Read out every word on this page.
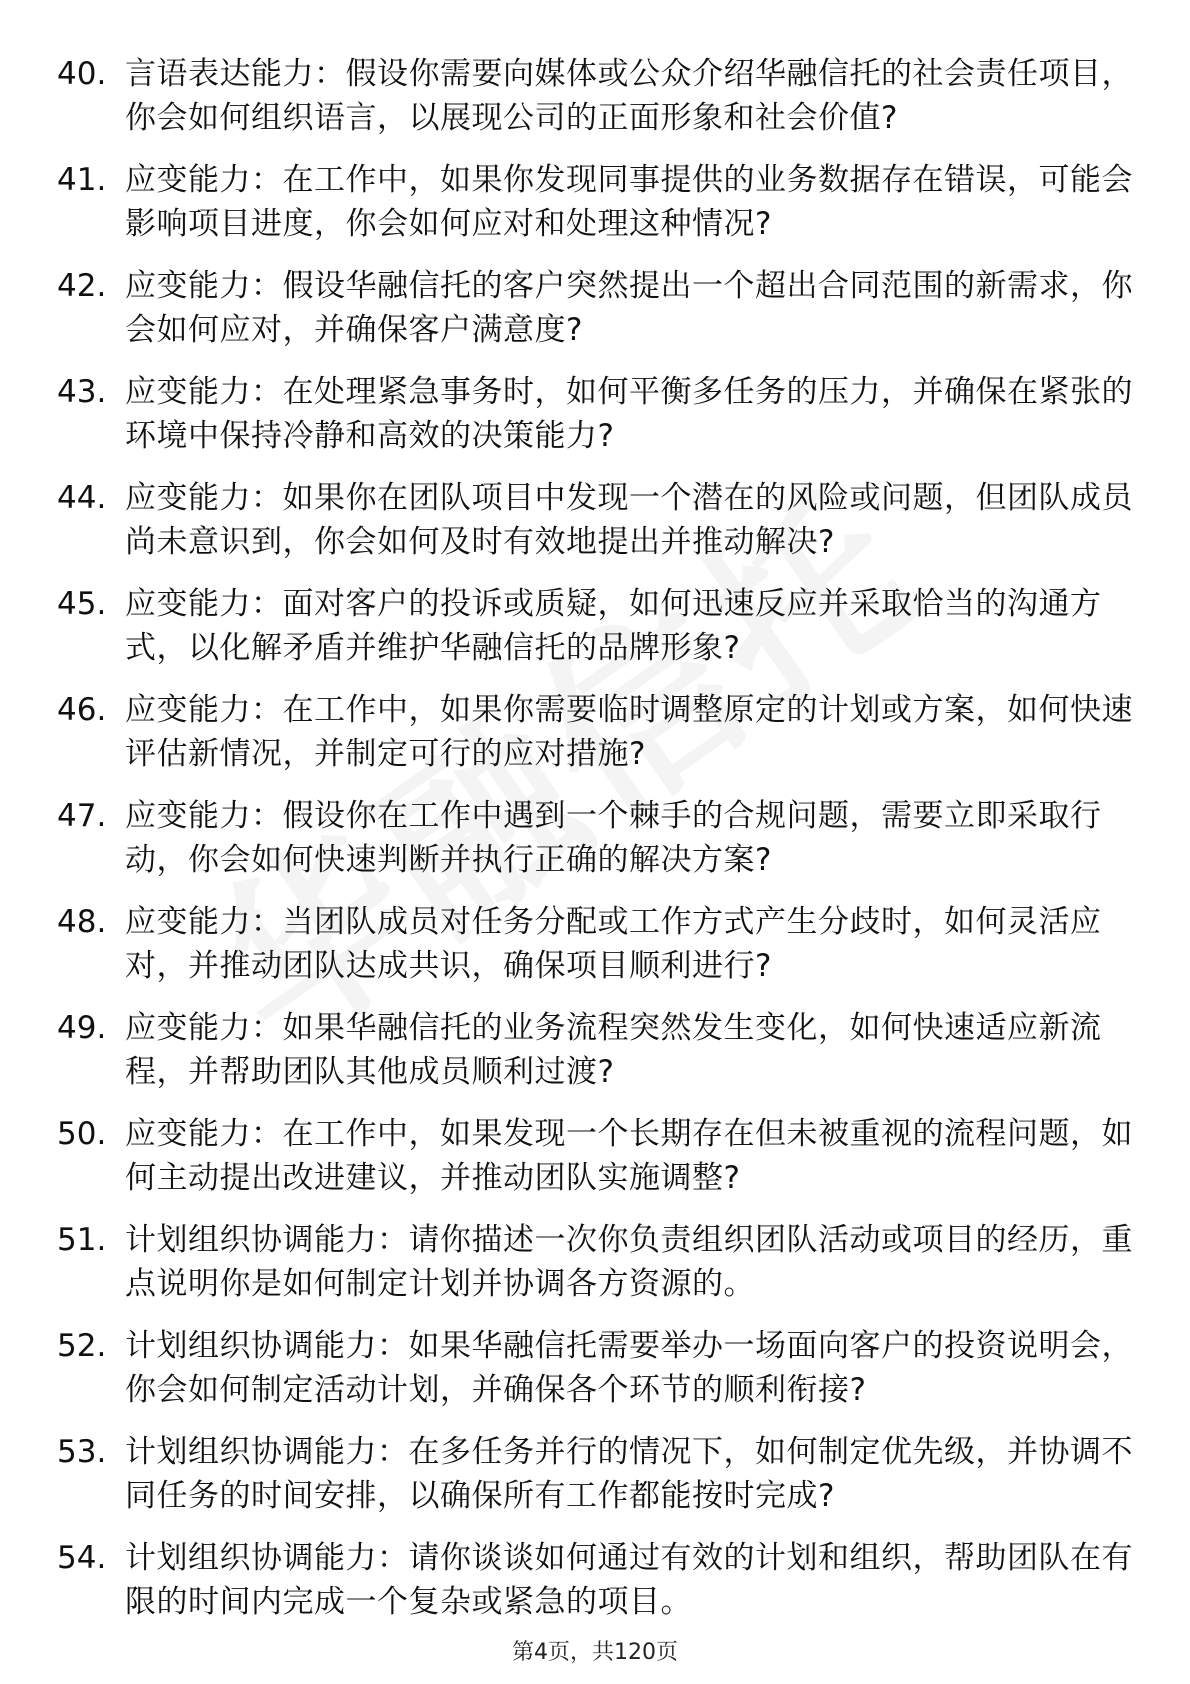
40. 言语表达能力：假设你需要向媒体或公众介绍华融信托的社会责任项目，你会如何组织语言，以展现公司的正面形象和社会价值?
41. 应变能力：在工作中，如果你发现同事提供的业务数据存在错误，可能会影响项目进度，你会如何应对和处理这种情况?
42. 应变能力：假设华融信托的客户突然提出一个超出合同范围的新需求，你会如何应对，并确保客户满意度?
43. 应变能力：在处理紧急事务时，如何平衡多任务的压力，并确保在紧张的环境中保持冷静和高效的决策能力?
44. 应变能力：如果你在团队项目中发现一个潜在的风险或问题，但团队成员尚未意识到，你会如何及时有效地提出并推动解决?
45. 应变能力：面对客户的投诉或质疑，如何迅速反应并采取恰当的沟通方式，以化解矛盾并维护华融信托的品牌形象?
46. 应变能力：在工作中，如果你需要临时调整原定的计划或方案，如何快速评估新情况，并制定可行的应对措施?
47. 应变能力：假设你在工作中遇到一个棘手的合规问题，需要立即采取行动，你会如何快速判断并执行正确的解决方案?
48. 应变能力：当团队成员对任务分配或工作方式产生分歧时，如何灵活应对，并推动团队达成共识，确保项目顺利进行?
49. 应变能力：如果华融信托的业务流程突然发生变化，如何快速适应新流程，并帮助团队其他成员顺利过渡?
50. 应变能力：在工作中，如果发现一个长期存在但未被重视的流程问题，如何主动提出改进建议，并推动团队实施调整?
51. 计划组织协调能力：请你描述一次你负责组织团队活动或项目的经历，重点说明你是如何制定计划并协调各方资源的。
52. 计划组织协调能力：如果华融信托需要举办一场面向客户的投资说明会，你会如何制定活动计划，并确保各个环节的顺利衔接?
53. 计划组织协调能力：在多任务并行的情况下，如何制定优先级，并协调不同任务的时间安排，以确保所有工作都能按时完成?
54. 计划组织协调能力：请你谈谈如何通过有效的计划和组织，帮助团队在有限的时间内完成一个复杂或紧急的项目。
第4页，共120页
